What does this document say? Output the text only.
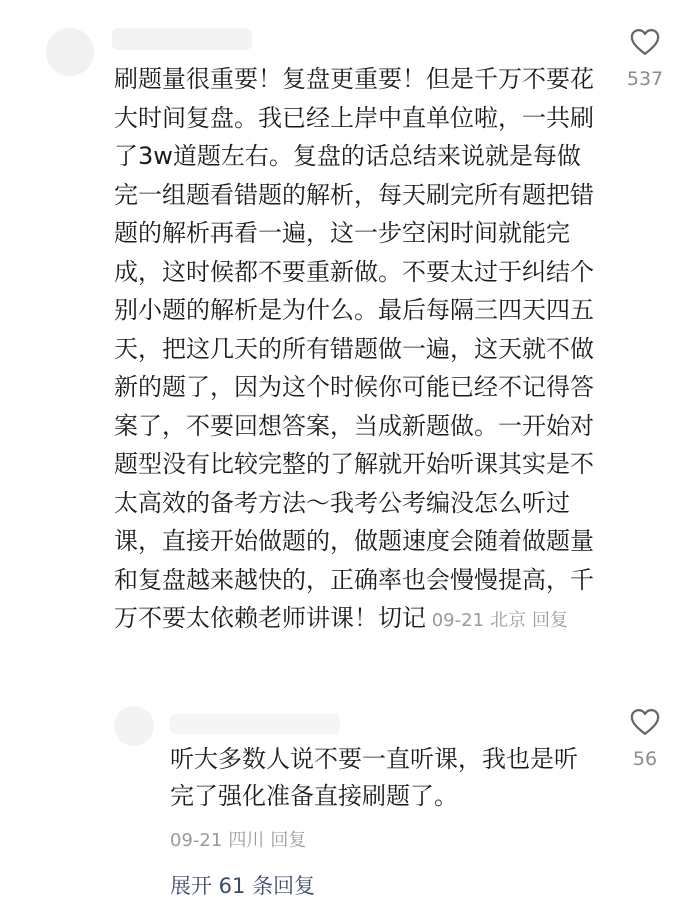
刷题量很重要！复盘更重要！但是千万不要花大时间复盘。我已经上岸中直单位啦，一共刷了3w道题左右。复盘的话总结来说就是每做完一组题看错题的解析，每天刷完所有题把错题的解析再看一遍，这一步空闲时间就能完成，这时候都不要重新做。不要太过于纠结个别小题的解析是为什么。最后每隔三四天四五天，把这几天的所有错题做一遍，这天就不做新的题了，因为这个时候你可能已经不记得答案了，不要回想答案，当成新题做。一开始对题型没有比较完整的了解就开始听课其实是不太高效的备考方法～我考公考编没怎么听过课，直接开始做题的，做题速度会随着做题量和复盘越来越快的，正确率也会慢慢提高，千万不要太依赖老师讲课！切记 09-21 北京 回复

537

听大多数人说不要一直听课，我也是听完了强化准备直接刷题了。

09-21 四川 回复
56
展开 61 条回复
